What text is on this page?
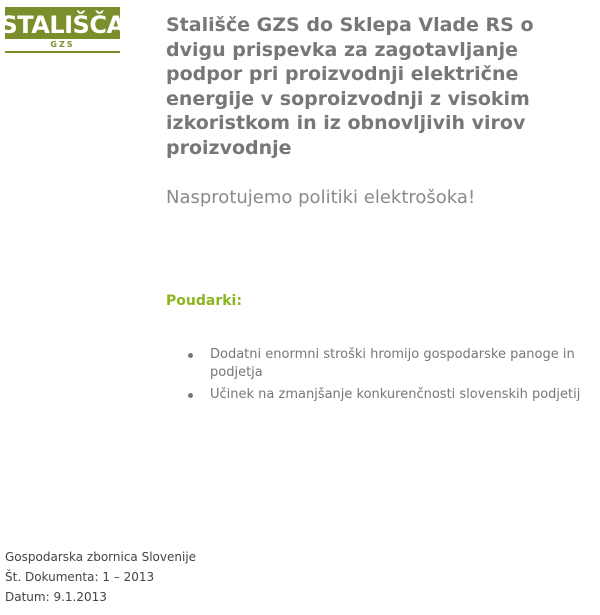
STALIŠČA
GZS
Stališče GZS do Sklepa Vlade RS o dvigu prispevka za zagotavljanje podpor pri proizvodnji električne energije v soproizvodnji z visokim izkoristkom in iz obnovljivih virov proizvodnje

Nasprotujemo politiki elektrošoka!

Poudarki:
Dodatni enormni stroški hromijo gospodarske panoge in podjetja
Učinek na zmanjšanje konkurenčnosti slovenskih podjetij
Gospodarska zbornica Slovenije
Št. Dokumenta: 1 – 2013
Datum: 9.1.2013
